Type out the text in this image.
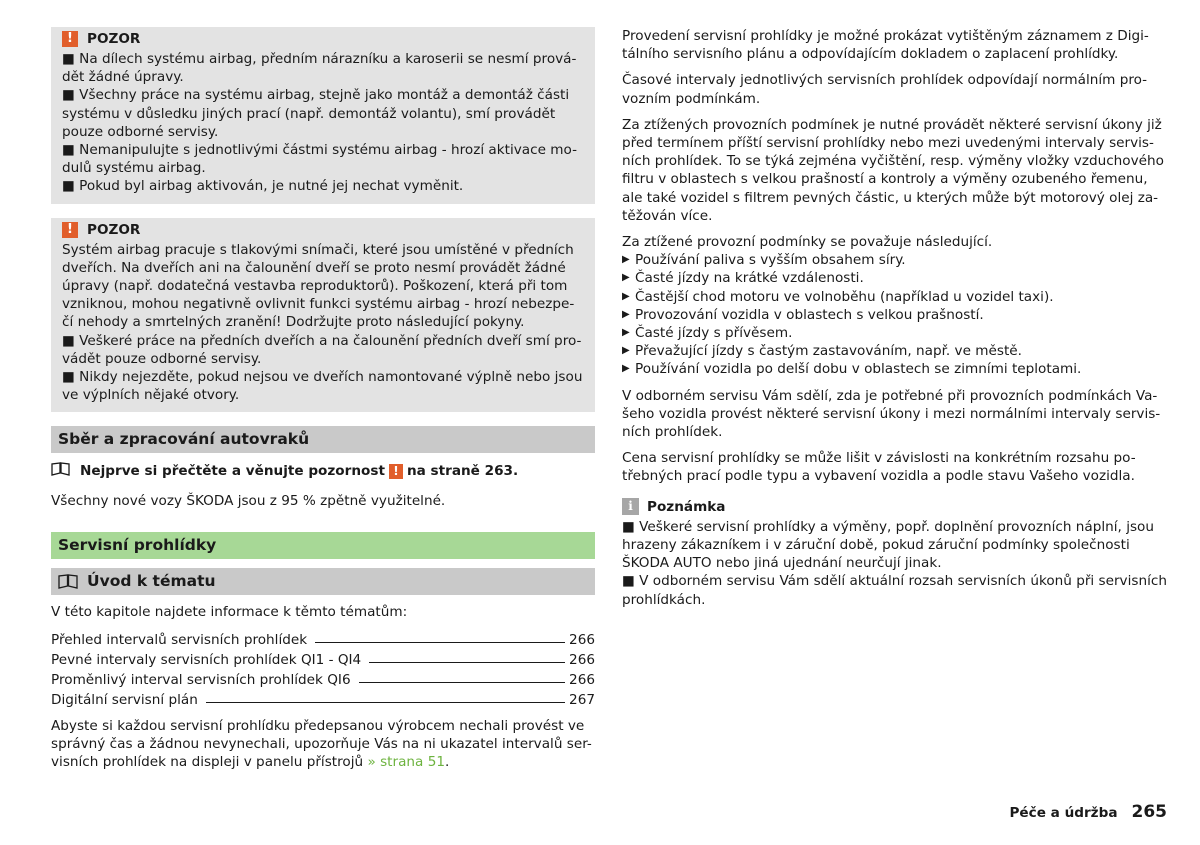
!	POZOR

■ Na dílech systému airbag, předním nárazníku a karoserii se nesmí prová-

dět žádné úpravy.

■ Všechny práce na systému airbag, stejně jako montáž a demontáž části

systému v důsledku jiných prací (např. demontáž volantu), smí provádět

pouze odborné servisy.

■ Nemanipulujte s jednotlivými částmi systému airbag - hrozí aktivace mo-

dulů systému airbag.

■ Pokud byl airbag aktivován, je nutné jej nechat vyměnit.

!	POZOR

Systém airbag pracuje s tlakovými snímači, které jsou umístěné v předních

dveřích. Na dveřích ani na čalounění dveří se proto nesmí provádět žádné

úpravy (např. dodatečná vestavba reproduktorů). Poškození, která při tom

vzniknou, mohou negativně ovlivnit funkci systému airbag - hrozí nebezpe-

čí nehody a smrtelných zranění! Dodržujte proto následující pokyny.

■ Veškeré práce na předních dveřích a na čalounění předních dveří smí pro-

vádět pouze odborné servisy.

■ Nikdy nejezděte, pokud nejsou ve dveřích namontované výplně nebo jsou

ve výplních nějaké otvory.

Sběr a zpracování autovraků
Nejprve si přečtěte a věnujte pozornost ! na straně 263.

Všechny nové vozy ŠKODA jsou z 95 % zpětně využitelné.

Servisní prohlídky
Úvod k tématu

V této kapitole najdete informace k těmto tématům:

Přehled intervalů servisních prohlídek	266
Pevné intervaly servisních prohlídek QI1 - QI4	266
Proměnlivý interval servisních prohlídek QI6	266
Digitální servisní plán	267

Abyste si každou servisní prohlídku předepsanou výrobcem nechali provést ve

správný čas a žádnou nevynechali, upozorňuje Vás na ni ukazatel intervalů ser-

visních prohlídek na displeji v panelu přístrojů » strana 51.

Provedení servisní prohlídky je možné prokázat vytištěným záznamem z Digi-

tálního servisního plánu a odpovídajícím dokladem o zaplacení prohlídky.

Časové intervaly jednotlivých servisních prohlídek odpovídají normálním pro-

vozním podmínkám.

Za ztížených provozních podmínek je nutné provádět některé servisní úkony již

před termínem příští servisní prohlídky nebo mezi uvedenými intervaly servis-

ních prohlídek. To se týká zejména vyčištění, resp. výměny vložky vzduchového

filtru v oblastech s velkou prašností a kontroly a výměny ozubeného řemenu,

ale také vozidel s filtrem pevných částic, u kterých může být motorový olej za-

těžován více.

Za ztížené provozní podmínky se považuje následující.

▶ Používání paliva s vyšším obsahem síry.
▶ Časté jízdy na krátké vzdálenosti.
▶ Častější chod motoru ve volnoběhu (například u vozidel taxi).
▶ Provozování vozidla v oblastech s velkou prašností.
▶ Časté jízdy s přívěsem.
▶ Převažující jízdy s častým zastavováním, např. ve městě.
▶ Používání vozidla po delší dobu v oblastech se zimními teplotami.

V odborném servisu Vám sdělí, zda je potřebné při provozních podmínkách Va-

šeho vozidla provést některé servisní úkony i mezi normálními intervaly servis-

ních prohlídek.

Cena servisní prohlídky se může lišit v závislosti na konkrétním rozsahu po-

třebných prací podle typu a vybavení vozidla a podle stavu Vašeho vozidla.

i	Poznámka

■ Veškeré servisní prohlídky a výměny, popř. doplnění provozních náplní, jsou

hrazeny zákazníkem i v záruční době, pokud záruční podmínky společnosti

ŠKODA AUTO nebo jiná ujednání neurčují jinak.

■ V odborném servisu Vám sdělí aktuální rozsah servisních úkonů při servisních

prohlídkách.

Péče a údržba 265
